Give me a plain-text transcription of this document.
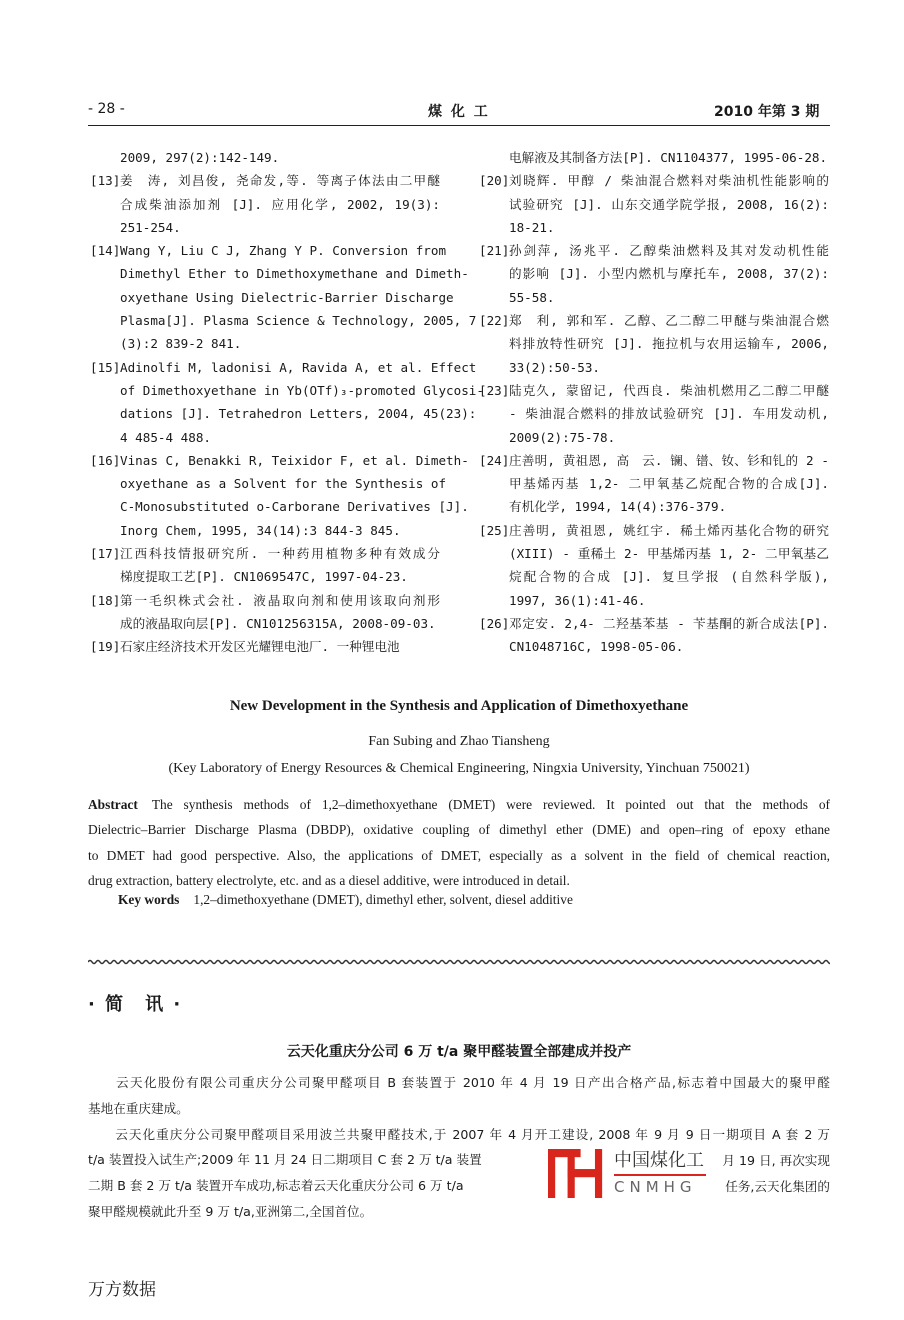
- 28 -	煤 化 工	2010 年第 3 期
2009, 297(2):142-149.
[13] 姜　涛, 刘昌俊, 尧命发,等. 等离子体法由二甲醚
合成柴油添加剂 [J]. 应用化学, 2002, 19(3):
251-254.
[14] Wang Y, Liu C J, Zhang Y P. Conversion from
Dimethyl Ether to Dimethoxymethane and Dimeth-
oxyethane Using Dielectric-Barrier Discharge
Plasma[J]. Plasma Science & Technology, 2005, 7
(3):2 839-2 841.
[15] Adinolfi M, ladonisi A, Ravida A, et al. Effect
of Dimethoxyethane in Yb(OTf)₃-promoted Glycosi-
dations [J]. Tetrahedron Letters, 2004, 45(23):
4 485-4 488.
[16] Vinas C, Benakki R, Teixidor F, et al. Dimeth-
oxyethane as a Solvent for the Synthesis of
C-Monosubstituted o-Carborane Derivatives [J].
Inorg Chem, 1995, 34(14):3 844-3 845.
[17] 江西科技情报研究所. 一种药用植物多种有效成分
梯度提取工艺[P]. CN1069547C, 1997-04-23.
[18] 第一毛织株式会社. 液晶取向剂和使用该取向剂形
成的液晶取向层[P]. CN101256315A, 2008-09-03.
[19] 石家庄经济技术开发区光耀锂电池厂. 一种锂电池
电解液及其制备方法[P]. CN1104377, 1995-06-28.
[20] 刘晓辉. 甲醇 / 柴油混合燃料对柴油机性能影响的
试验研究 [J]. 山东交通学院学报, 2008, 16(2):
18-21.
[21] 孙剑萍, 汤兆平. 乙醇柴油燃料及其对发动机性能
的影响 [J]. 小型内燃机与摩托车, 2008, 37(2):
55-58.
[22] 郑　利, 郭和军. 乙醇、乙二醇二甲醚与柴油混合燃
料排放特性研究 [J]. 拖拉机与农用运输车, 2006,
33(2):50-53.
[23] 陆克久, 蒙留记, 代西良. 柴油机燃用乙二醇二甲醚
- 柴油混合燃料的排放试验研究 [J]. 车用发动机,
2009(2):75-78.
[24] 庄善明, 黄祖恩, 高　云. 镧、镨、钕、钐和钆的 2 -
甲基烯丙基 1,2- 二甲氧基乙烷配合物的合成[J].
有机化学, 1994, 14(4):376-379.
[25] 庄善明, 黄祖恩, 姚红宇. 稀土烯丙基化合物的研究
(XIII) - 重稀土 2- 甲基烯丙基 1, 2- 二甲氧基乙
烷配合物的合成 [J]. 复旦学报 (自然科学版),
1997, 36(1):41-46.
[26] 邓定安. 2,4- 二羟基苯基 - 苄基酮的新合成法[P].
CN1048716C, 1998-05-06.
New Development in the Synthesis and Application of Dimethoxyethane
Fan Subing and Zhao Tiansheng
(Key Laboratory of Energy Resources & Chemical Engineering, Ningxia University, Yinchuan 750021)
Abstract The synthesis methods of 1,2–dimethoxyethane (DMET) were reviewed. It pointed out that the methods of
Dielectric–Barrier Discharge Plasma (DBDP), oxidative coupling of dimethyl ether (DME) and open–ring of epoxy ethane
to DMET had good perspective. Also, the applications of DMET, especially as a solvent in the field of chemical reaction,
drug extraction, battery electrolyte, etc. and as a diesel additive, were introduced in detail.
Key words 1,2–dimethoxyethane (DMET), dimethyl ether, solvent, diesel additive
· 简　讯 ·
云天化重庆分公司 6 万 t/a 聚甲醛装置全部建成并投产
　　云天化股份有限公司重庆分公司聚甲醛项目 B 套装置于 2010 年 4 月 19 日产出合格产品,标志着中国最大的聚甲醛
基地在重庆建成。
　　云天化重庆分公司聚甲醛项目采用波兰共聚甲醛技术,于 2007 年 4 月开工建设, 2008 年 9 月 9 日一期项目 A 套 2 万
t/a 装置投入试生产;2009 年 11 月 24 日二期项目 C 套 2 万 t/a 装置
二期 B 套 2 万 t/a 装置开车成功,标志着云天化重庆分公司 6 万 t/a
聚甲醛规模就此升至 9 万 t/a,亚洲第二,全国首位。
中国煤化工
CNMHG
月 19 日, 再次实现
任务,云天化集团的
万方数据
